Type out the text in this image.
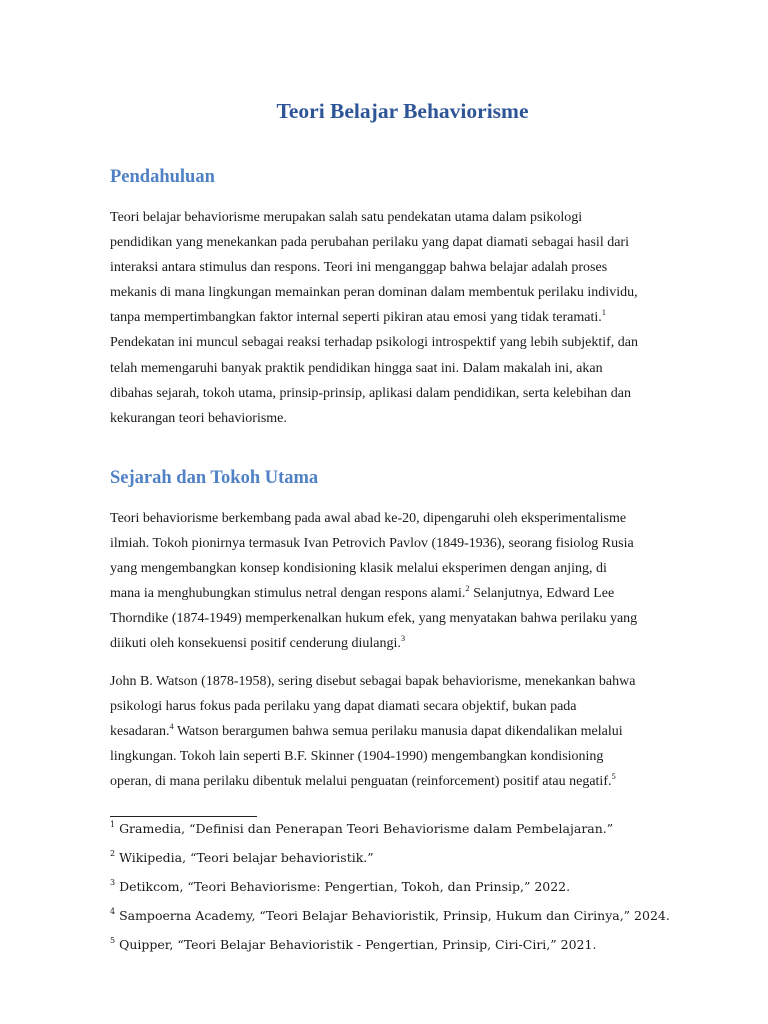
Teori Belajar Behaviorisme
Pendahuluan
Teori belajar behaviorisme merupakan salah satu pendekatan utama dalam psikologi
pendidikan yang menekankan pada perubahan perilaku yang dapat diamati sebagai hasil dari
interaksi antara stimulus dan respons. Teori ini menganggap bahwa belajar adalah proses
mekanis di mana lingkungan memainkan peran dominan dalam membentuk perilaku individu,
tanpa mempertimbangkan faktor internal seperti pikiran atau emosi yang tidak teramati.$^1$
Pendekatan ini muncul sebagai reaksi terhadap psikologi introspektif yang lebih subjektif, dan
telah memengaruhi banyak praktik pendidikan hingga saat ini. Dalam makalah ini, akan
dibahas sejarah, tokoh utama, prinsip-prinsip, aplikasi dalam pendidikan, serta kelebihan dan
kekurangan teori behaviorisme.
Sejarah dan Tokoh Utama
Teori behaviorisme berkembang pada awal abad ke-20, dipengaruhi oleh eksperimentalisme
ilmiah. Tokoh pionirnya termasuk Ivan Petrovich Pavlov (1849-1936), seorang fisiolog Rusia
yang mengembangkan konsep kondisioning klasik melalui eksperimen dengan anjing, di
mana ia menghubungkan stimulus netral dengan respons alami.$^2$ Selanjutnya, Edward Lee
Thorndike (1874-1949) memperkenalkan hukum efek, yang menyatakan bahwa perilaku yang
diikuti oleh konsekuensi positif cenderung diulangi.$^3$
John B. Watson (1878-1958), sering disebut sebagai bapak behaviorisme, menekankan bahwa
psikologi harus fokus pada perilaku yang dapat diamati secara objektif, bukan pada
kesadaran.$^4$ Watson berargumen bahwa semua perilaku manusia dapat dikendalikan melalui
lingkungan. Tokoh lain seperti B.F. Skinner (1904-1990) mengembangkan kondisioning
operan, di mana perilaku dibentuk melalui penguatan (reinforcement) positif atau negatif.$^5$

$^1$ Gramedia, “Definisi dan Penerapan Teori Behaviorisme dalam Pembelajaran.”

$^2$ Wikipedia, “Teori belajar behavioristik.”

$^3$ Detikcom, “Teori Behaviorisme: Pengertian, Tokoh, dan Prinsip,” 2022.

$^4$ Sampoerna Academy, “Teori Belajar Behavioristik, Prinsip, Hukum dan Cirinya,” 2024.

$^5$ Quipper, “Teori Belajar Behavioristik - Pengertian, Prinsip, Ciri-Ciri,” 2021.
